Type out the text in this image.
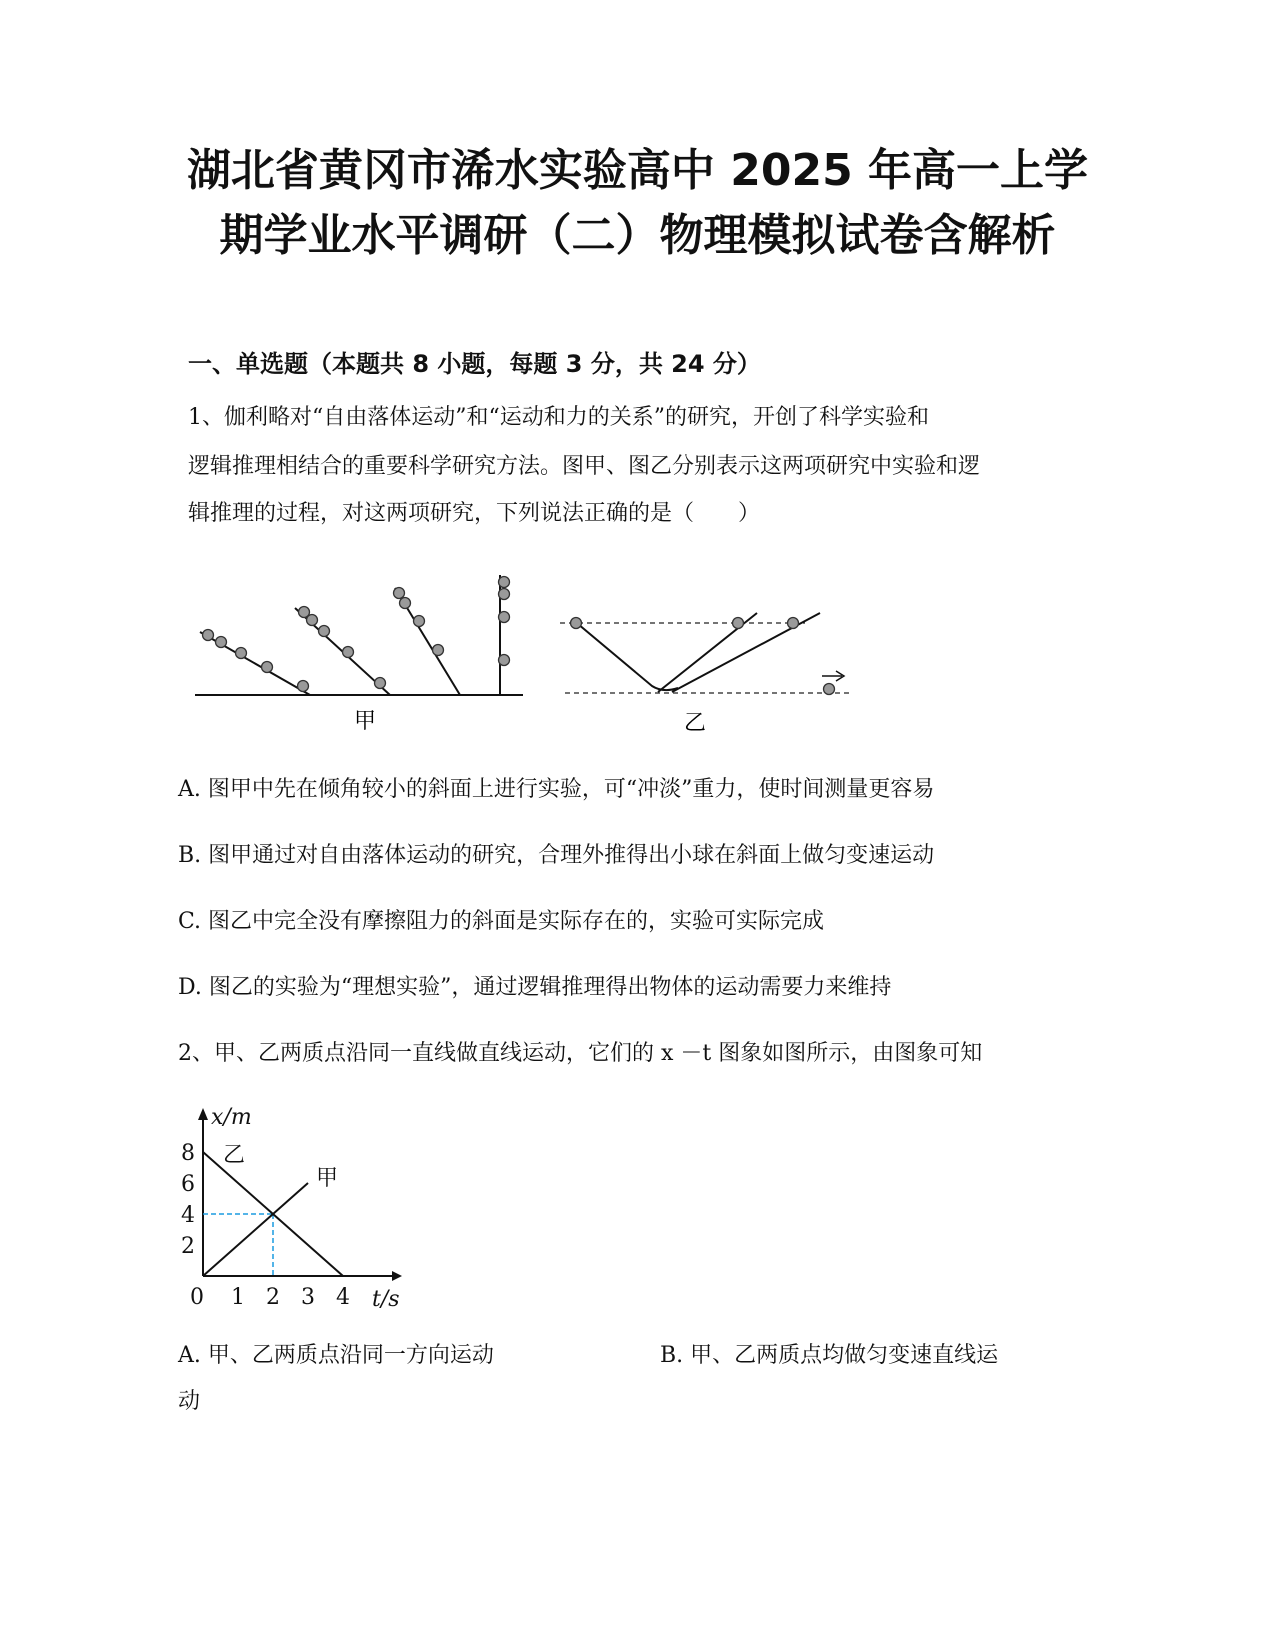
湖北省黄冈市浠水实验高中 2025 年高一上学
期学业水平调研（二）物理模拟试卷含解析
一、单选题（本题共 8 小题，每题 3 分，共 24 分）
1、伽利略对“自由落体运动”和“运动和力的关系”的研究，开创了科学实验和
逻辑推理相结合的重要科学研究方法。图甲、图乙分别表示这两项研究中实验和逻
辑推理的过程，对这两项研究，下列说法正确的是（　　）
甲	乙
A. 图甲中先在倾角较小的斜面上进行实验，可“冲淡”重力，使时间测量更容易
B. 图甲通过对自由落体运动的研究，合理外推得出小球在斜面上做匀变速运动
C. 图乙中完全没有摩擦阻力的斜面是实际存在的，实验可实际完成
D. 图乙的实验为“理想实验”，通过逻辑推理得出物体的运动需要力来维持
2、甲、乙两质点沿同一直线做直线运动，它们的 x －t 图象如图所示，由图象可知
x/m
t/s
0 1 2 3 4
2
4
6
8
甲
乙
A. 甲、乙两质点沿同一方向运动	B. 甲、乙两质点均做匀变速直线运
动
